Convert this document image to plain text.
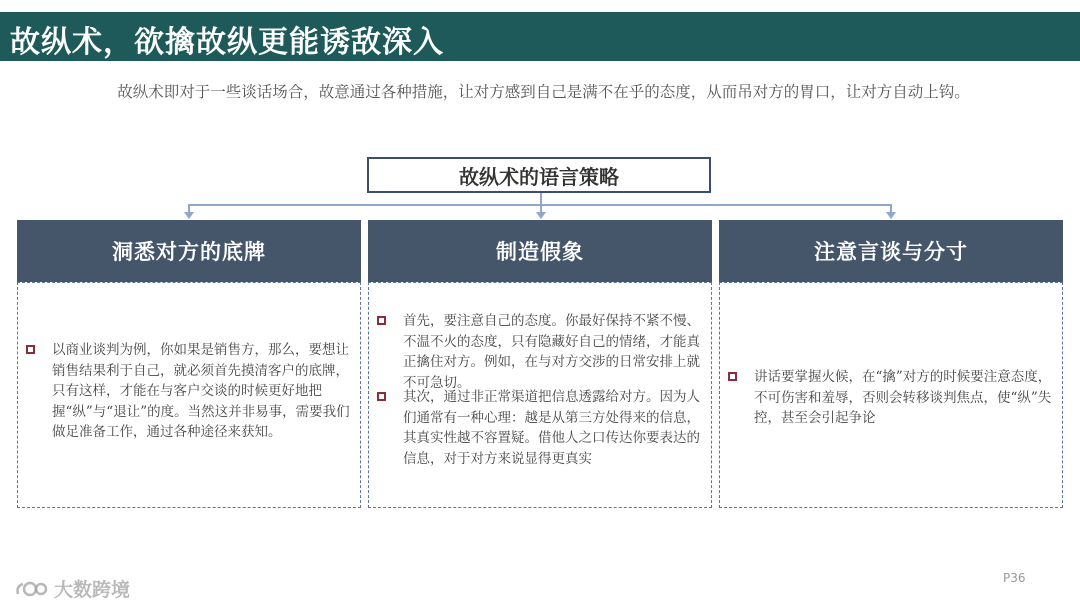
故纵术，欲擒故纵更能诱敌深入
故纵术即对于一些谈话场合，故意通过各种措施，让对方感到自己是满不在乎的态度，从而吊对方的胃口，让对方自动上钩。
故纵术的语言策略
洞悉对方的底牌
以商业谈判为例，你如果是销售方，那么，要想让销售结果利于自己，就必须首先摸清客户的底牌，只有这样，才能在与客户交谈的时候更好地把握“纵”与“退让”的度。当然这并非易事，需要我们做足准备工作，通过各种途径来获知。
制造假象
首先，要注意自己的态度。你最好保持不紧不慢、不温不火的态度，只有隐藏好自己的情绪，才能真正擒住对方。例如，在与对方交涉的日常安排上就不可急切。
其次，通过非正常渠道把信息透露给对方。因为人们通常有一种心理：越是从第三方处得来的信息，其真实性越不容置疑。借他人之口传达你要表达的信息，对于对方来说显得更真实
注意言谈与分寸
讲话要掌握火候，在“擒”对方的时候要注意态度，不可伤害和羞辱，否则会转移谈判焦点，使“纵”失控，甚至会引起争论
P36
大数跨境
